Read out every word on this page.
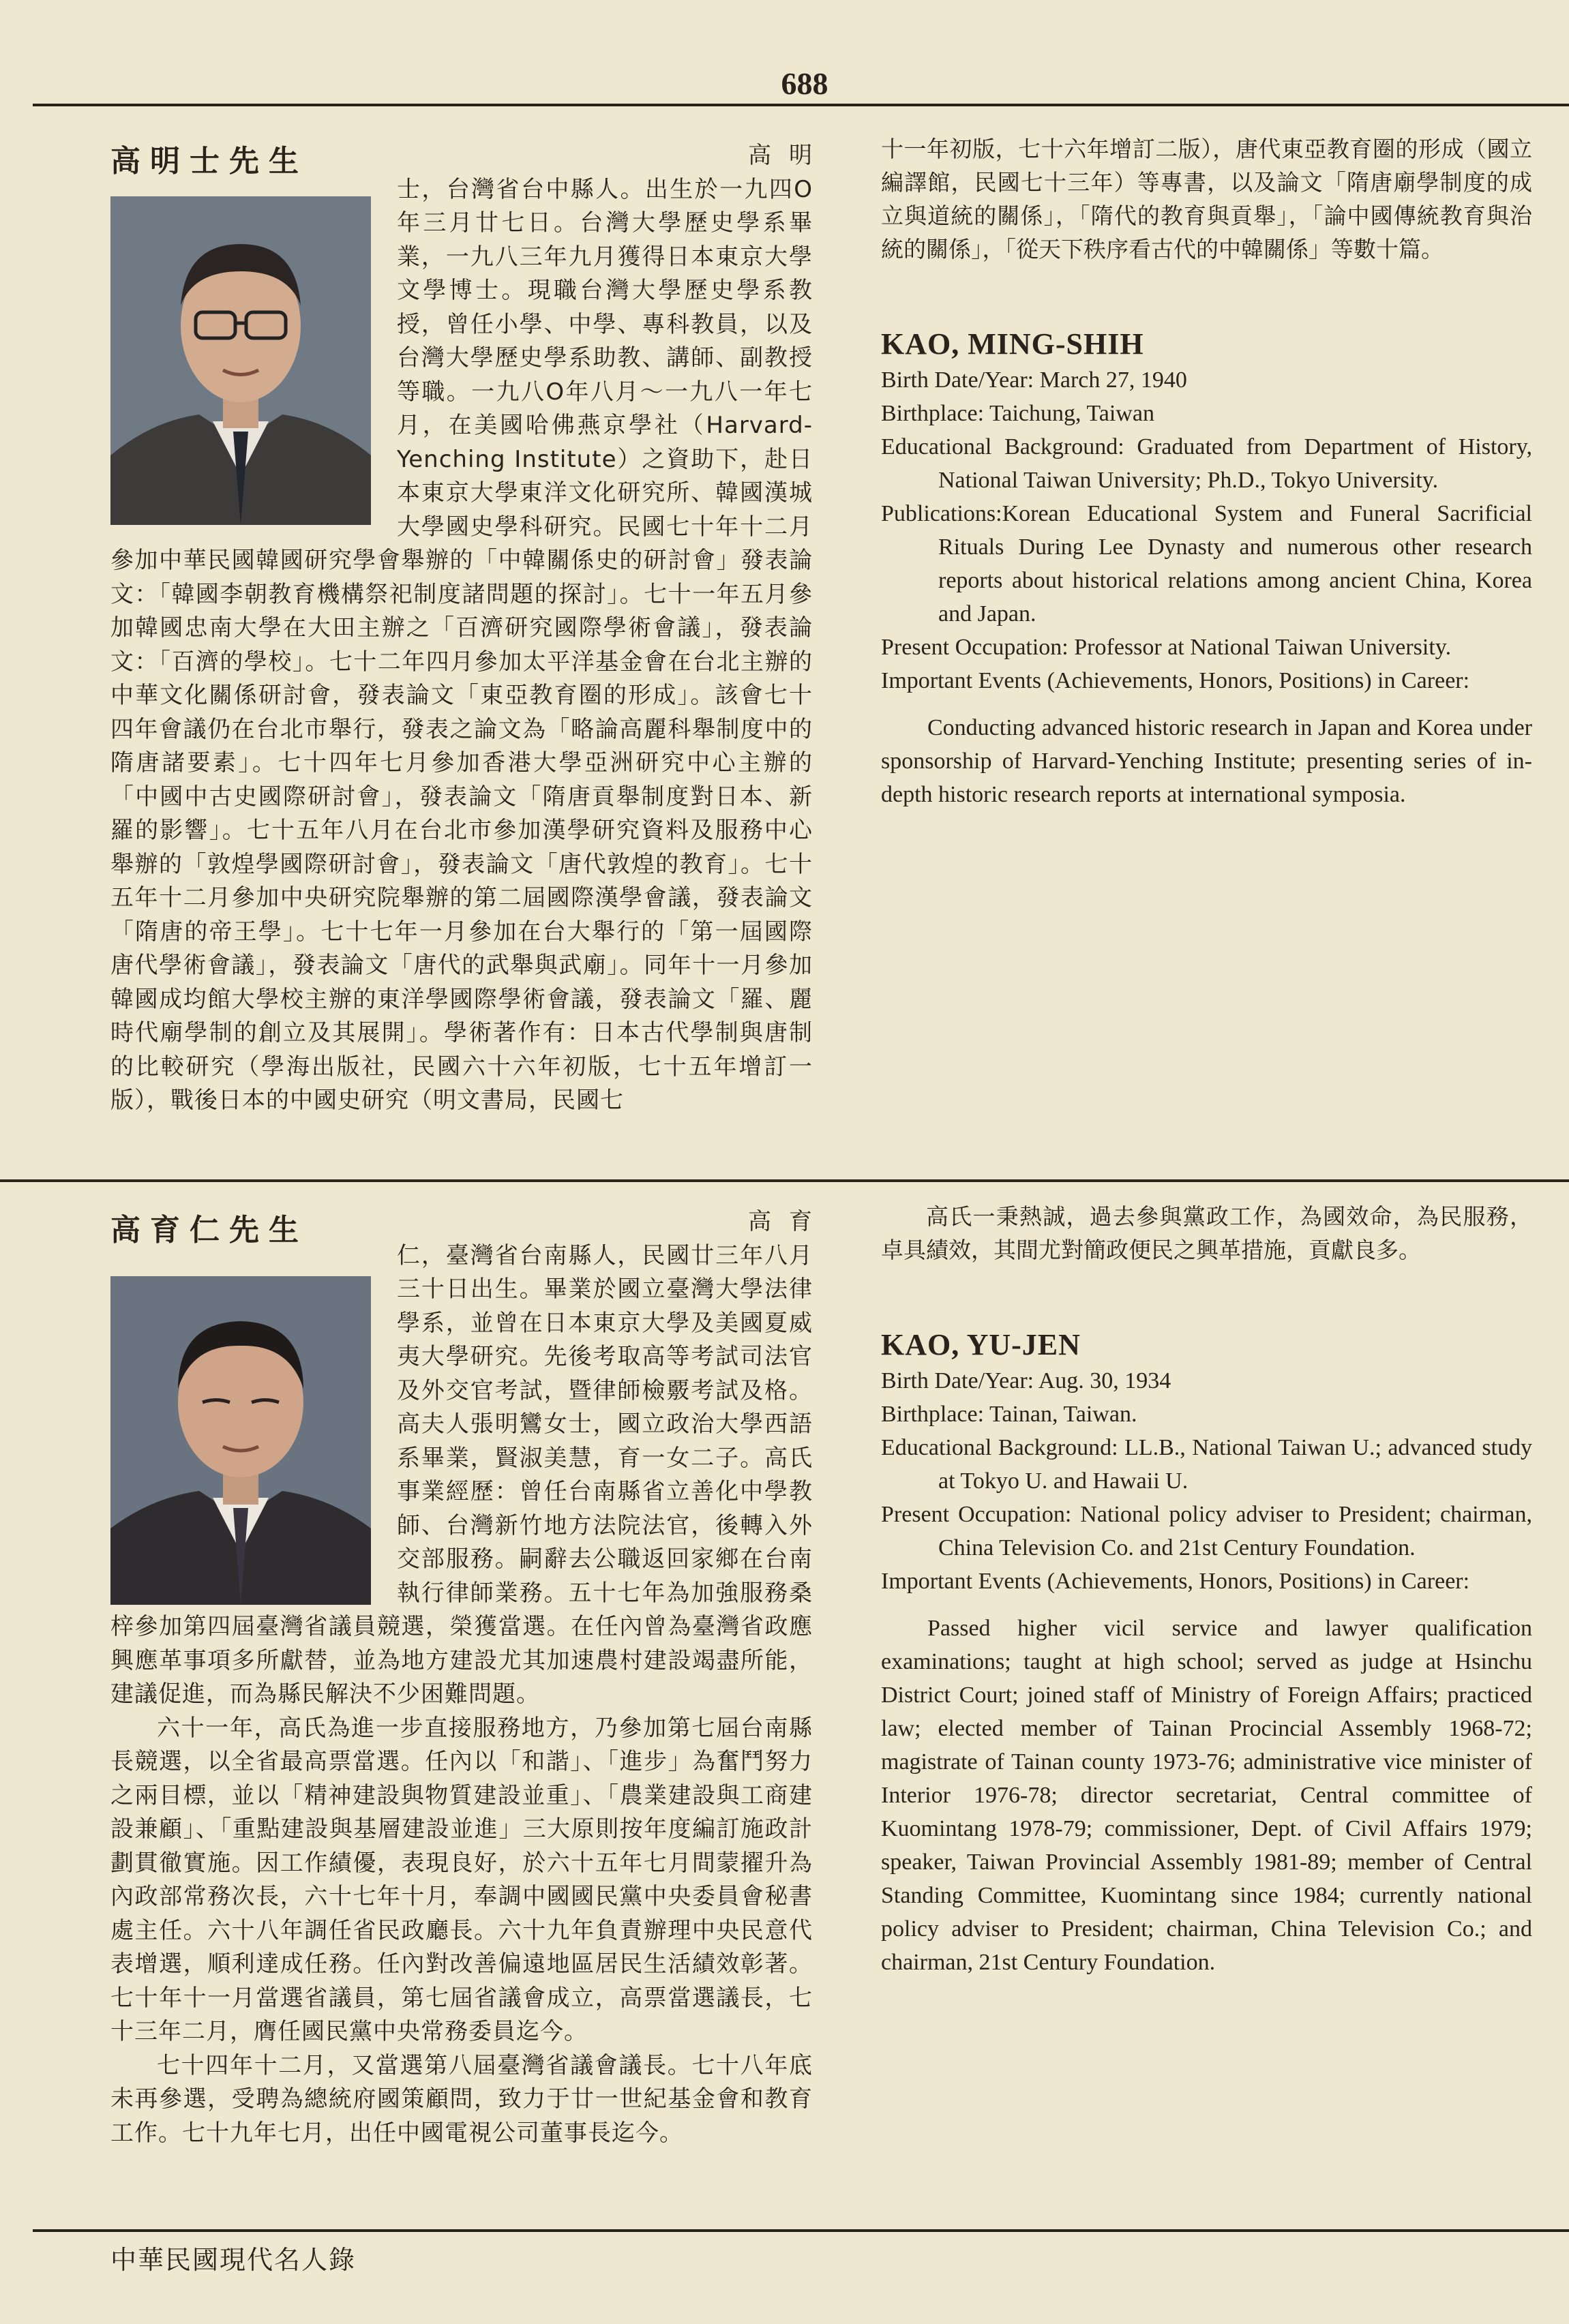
688
高明士先生	高明士，台灣省台中縣人。出生於一九四O年三月廿七日。台灣大學歷史學系畢業，一九八三年九月獲得日本東京大學文學博士。現職台灣大學歷史學系教授，曾任小學、中學、專科教員，以及台灣大學歷史學系助教、講師、副教授等職。一九八O年八月～一九八一年七月，在美國哈佛燕京學社（Harvard-Yenching Institute）之資助下，赴日本東京大學東洋文化研究所、韓國漢城大學國史學科研究。民國七十年十二月參加中華民國韓國研究學會舉辦的「中韓關係史的研討會」發表論文：「韓國李朝教育機構祭祀制度諸問題的探討」。七十一年五月參加韓國忠南大學在大田主辦之「百濟研究國際學術會議」，發表論文：「百濟的學校」。七十二年四月參加太平洋基金會在台北主辦的中華文化關係研討會，發表論文「東亞教育圈的形成」。該會七十四年會議仍在台北市舉行，發表之論文為「略論高麗科舉制度中的隋唐諸要素」。七十四年七月參加香港大學亞洲研究中心主辦的「中國中古史國際研討會」，發表論文「隋唐貢舉制度對日本、新羅的影響」。七十五年八月在台北市參加漢學研究資料及服務中心舉辦的「敦煌學國際研討會」，發表論文「唐代敦煌的教育」。七十五年十二月參加中央研究院舉辦的第二屆國際漢學會議，發表論文「隋唐的帝王學」。七十七年一月參加在台大舉行的「第一屆國際唐代學術會議」，發表論文「唐代的武舉與武廟」。同年十一月參加韓國成均館大學校主辦的東洋學國際學術會議，發表論文「羅、麗時代廟學制的創立及其展開」。學術著作有：日本古代學制與唐制的比較研究（學海出版社，民國六十六年初版，七十五年增訂一版），戰後日本的中國史研究（明文書局，民國七

十一年初版，七十六年增訂二版），唐代東亞教育圈的形成（國立編譯館，民國七十三年）等專書，以及論文「隋唐廟學制度的成立與道統的關係」，「隋代的教育與貢舉」，「論中國傳統教育與治統的關係」，「從天下秩序看古代的中韓關係」等數十篇。

KAO, MING-SHIH

Birth Date/Year: March 27, 1940

Birthplace: Taichung, Taiwan

Educational Background: Graduated from Department of History, National Taiwan University; Ph.D., Tokyo University.

Publications:Korean Educational System and Funeral Sacrificial Rituals During Lee Dynasty and numerous other research reports about historical relations among ancient China, Korea and Japan.

Present Occupation: Professor at National Taiwan University.

Important Events (Achievements, Honors, Positions) in Career:

Conducting advanced historic research in Japan and Korea under sponsorship of Harvard-Yenching Institute; presenting series of in-depth historic research reports at international symposia.

高育仁先生	高育仁，臺灣省台南縣人，民國廿三年八月三十日出生。畢業於國立臺灣大學法律學系，並曾在日本東京大學及美國夏威夷大學研究。先後考取高等考試司法官及外交官考試，暨律師檢覈考試及格。高夫人張明鸞女士，國立政治大學西語系畢業，賢淑美慧，育一女二子。高氏事業經歷：曾任台南縣省立善化中學教師、台灣新竹地方法院法官，後轉入外交部服務。嗣辭去公職返回家鄉在台南執行律師業務。五十七年為加強服務桑梓參加第四屆臺灣省議員競選，榮獲當選。在任內曾為臺灣省政應興應革事項多所獻替，並為地方建設尤其加速農村建設竭盡所能，建議促進，而為縣民解決不少困難問題。

六十一年，高氏為進一步直接服務地方，乃參加第七屆台南縣長競選，以全省最高票當選。任內以「和諧」、「進步」為奮鬥努力之兩目標，並以「精神建設與物質建設並重」、「農業建設與工商建設兼顧」、「重點建設與基層建設並進」三大原則按年度編訂施政計劃貫徹實施。因工作績優，表現良好，於六十五年七月間蒙擢升為內政部常務次長，六十七年十月，奉調中國國民黨中央委員會秘書處主任。六十八年調任省民政廳長。六十九年負責辦理中央民意代表增選，順利達成任務。任內對改善偏遠地區居民生活績效彰著。七十年十一月當選省議員，第七屆省議會成立，高票當選議長，七十三年二月，膺任國民黨中央常務委員迄今。

七十四年十二月，又當選第八屆臺灣省議會議長。七十八年底未再參選，受聘為總統府國策顧問，致力于廿一世紀基金會和教育工作。七十九年七月，出任中國電視公司董事長迄今。

高氏一秉熱誠，過去參與黨政工作，為國效命，為民服務，卓具績效，其間尤對簡政便民之興革措施，貢獻良多。

KAO, YU-JEN

Birth Date/Year: Aug. 30, 1934

Birthplace: Tainan, Taiwan.

Educational Background: LL.B., National Taiwan U.; advanced study at Tokyo U. and Hawaii U.

Present Occupation: National policy adviser to President; chairman, China Television Co. and 21st Century Foundation.

Important Events (Achievements, Honors, Positions) in Career:

Passed higher vicil service and lawyer qualification examinations; taught at high school; served as judge at Hsinchu District Court; joined staff of Ministry of Foreign Affairs; practiced law; elected member of Tainan Procincial Assembly 1968-72; magistrate of Tainan county 1973-76; administrative vice minister of Interior 1976-78; director secretariat, Central committee of Kuomintang 1978-79; commissioner, Dept. of Civil Affairs 1979; speaker, Taiwan Provincial Assembly 1981-89; member of Central Standing Committee, Kuomintang since 1984; currently national policy adviser to President; chairman, China Television Co.; and chairman, 21st Century Foundation.

中華民國現代名人錄
